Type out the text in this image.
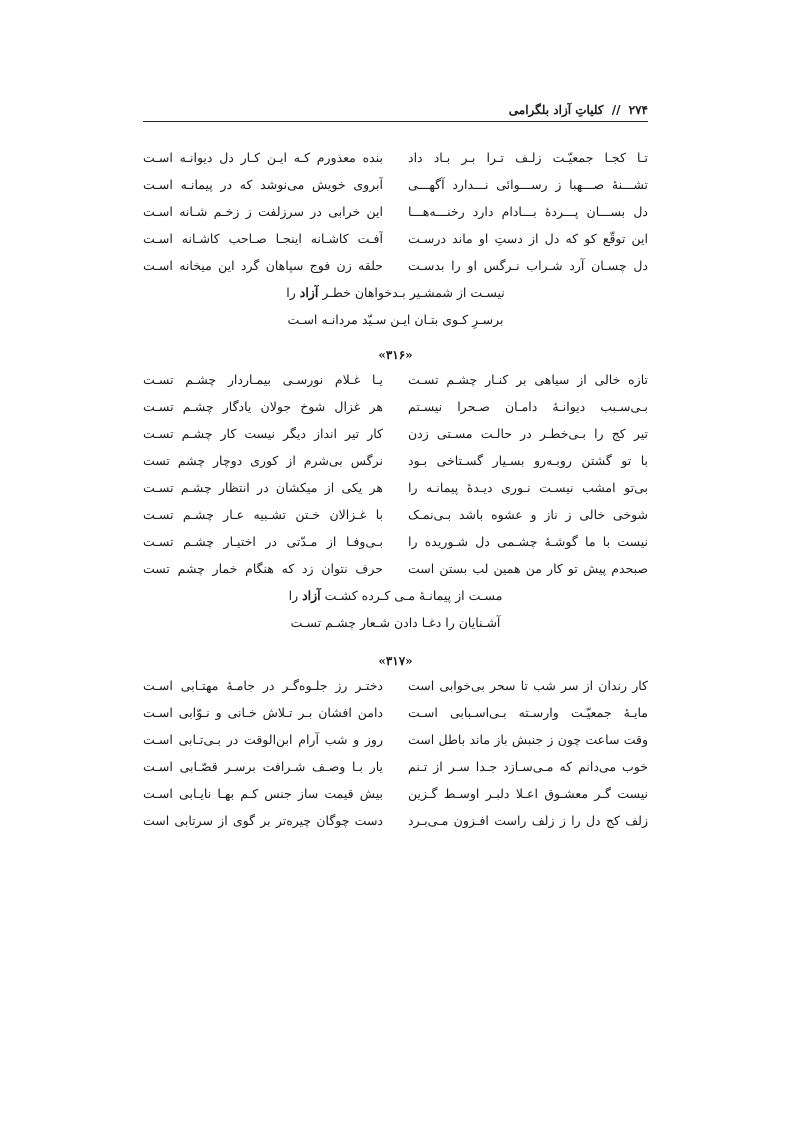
۲۷۴ // کلیاتِ آزاد بلگرامی
تـا کجـا جمعیّـت زلـف تـرا بـر بـاد داد
بنده معذورم کـه ایـن کـار دل دیوانـه اسـت
تشـــنۀ صـــهبا ز رســـوائی نـــدارد آگهـــی
آبروی خویش می‌نوشد که در پیمانـه اسـت
دل بســـان پـــردۀ بـــادام دارد رخنـــه‌هـــا
این خرابی در سرزلفت ز زخـم شـانه اسـت
این توقّع کو که دل از دستِ او ماند درسـت
آفـت کاشـانه اینجـا صـاحب کاشـانه اسـت
دل چسـان آرد شـراب نـرگس او را بدسـت
حلقه زن فوج سپاهان گرد این میخانه اسـت
نیسـت از شمشـیر بـدخواهان خطـر آزاد را
برسـرِ کـوی بتـان ایـن سـیّد مردانـه اسـت
«۳۱۶»
تازه خالی از سیاهی بر کنـار چشـم تسـت
یـا غـلام نورسـی بیمـاردار چشـم تسـت
بـی‌سـبب دیوانـۀ دامـان صـحرا نیسـتم
هر غزال شوخ جولان یادگار چشـم تسـت
تیر کج را بـی‌خطـر در حالـت مسـتی زدن
کار تیر انداز دیگر نیست کار چشـم تسـت
با تو گشتن روبـه‌رو بسـیار گسـتاخی بـود
نرگس بی‌شرم از کوری دوچار چشم تست
بی‌تو امشب نیسـت نـوری دیـدۀ پیمانـه را
هر یکی از میکشان در انتظار چشـم تسـت
شوخی خالی ز ناز و عشوه باشد بـی‌نمـک
با غـزالان خـتن تشـبیه عـار چشـم تسـت
نیست با ما گوشـۀ چشـمی دل شـوریده را
بـی‌وفـا از مـدّتی در اختیـار چشـم تسـت
صبحدم پیش تو کار من همین لب بستن است
حرف نتوان زد که هنگام خمار چشم تست
مسـت از پیمانـۀ مـی کـرده کشـت آزاد را
آشـنایان را دغـا دادن شـعار چشـم تسـت
«۳۱۷»
کار رندان از سر شب تا سحر بی‌خوابی است
دختـر رز جلـوه‌گـر در جامـۀ مهتـابی اسـت
مایـۀ جمعیّـت وارسـته بـی‌اسـبابی اسـت
دامن افشان بـر تـلاش خـانی و نـوّابی اسـت
وقت ساعت چون ز جنبش باز ماند باطل است
روز و شب آرام ابن‌الوقت در بـی‌تـابی اسـت
خوب می‌دانم که مـی‌سـازد جـدا سـر از تـنم
یار بـا وصـف شـرافت برسـر قصّـابی اسـت
نیست گـر معشـوق اعـلا دلبـر اوسـط گـزین
بیش قیمت ساز جنس کـم بهـا نایـابی اسـت
زلف کج دل را ز زلف راست افـزون مـی‌بـرد
دست چوگان چیره‌تر بر گوی از سرتابی است
